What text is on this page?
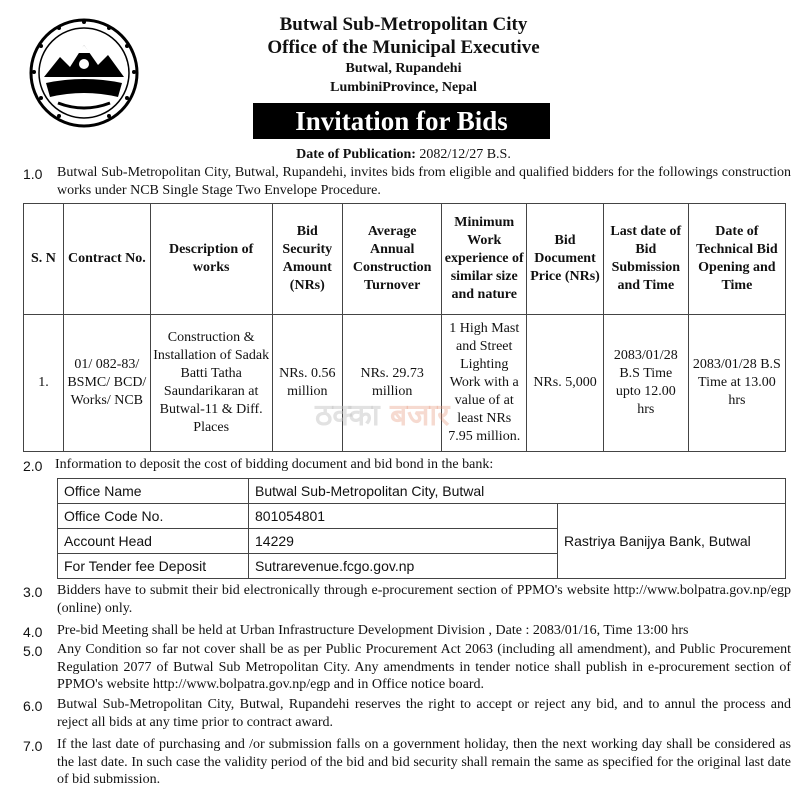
Butwal Sub-Metropolitan City
Office of the Municipal Executive
Butwal, Rupandehi
LumbiniProvince, Nepal
Invitation for Bids
Date of Publication: 2082/12/27 B.S.
1.0 Butwal Sub-Metropolitan City, Butwal, Rupandehi, invites bids from eligible and qualified bidders for the followings construction works under NCB Single Stage Two Envelope Procedure.
S. N	Contract No.	Description of works	Bid Security Amount (NRs)	Average Annual Construction Turnover	Minimum Work experience of similar size and nature	Bid Document Price (NRs)	Last date of Bid Submission and Time	Date of Technical Bid Opening and Time
1.	01/ 082-83/ BSMC/ BCD/ Works/ NCB	Construction & Installation of Sadak Batti Tatha Saundarikaran at Butwal-11 & Diff. Places	NRs. 0.56 million	NRs. 29.73 million	1 High Mast and Street Lighting Work with a value of at least NRs 7.95 million.	NRs. 5,000	2083/01/28 B.S Time upto 12.00 hrs	2083/01/28 B.S Time at 13.00 hrs
ठक्का बजार
2.0 Information to deposit the cost of bidding document and bid bond in the bank:
Office Name	Butwal Sub-Metropolitan City, Butwal	
Office Code No.	801054801	Rastriya Banijya Bank, Butwal
Account Head	14229	
For Tender fee Deposit	Sutrarevenue.fcgo.gov.np	
3.0 Bidders have to submit their bid electronically through e-procurement section of PPMO's website http://www.bolpatra.gov.np/egp (online) only.
4.0 Pre-bid Meeting shall be held at Urban Infrastructure Development Division , Date : 2083/01/16, Time 13:00 hrs
5.0 Any Condition so far not cover shall be as per Public Procurement Act 2063 (including all amendment), and Public Procurement Regulation 2077 of Butwal Sub Metropolitan City. Any amendments in tender notice shall publish in e-procurement section of PPMO's website http://www.bolpatra.gov.np/egp and in Office notice board.
6.0 Butwal Sub-Metropolitan City, Butwal, Rupandehi reserves the right to accept or reject any bid, and to annul the process and reject all bids at any time prior to contract award.
7.0 If the last date of purchasing and /or submission falls on a government holiday, then the next working day shall be considered as the last date. In such case the validity period of the bid and bid security shall remain the same as specified for the original last date of bid submission.
